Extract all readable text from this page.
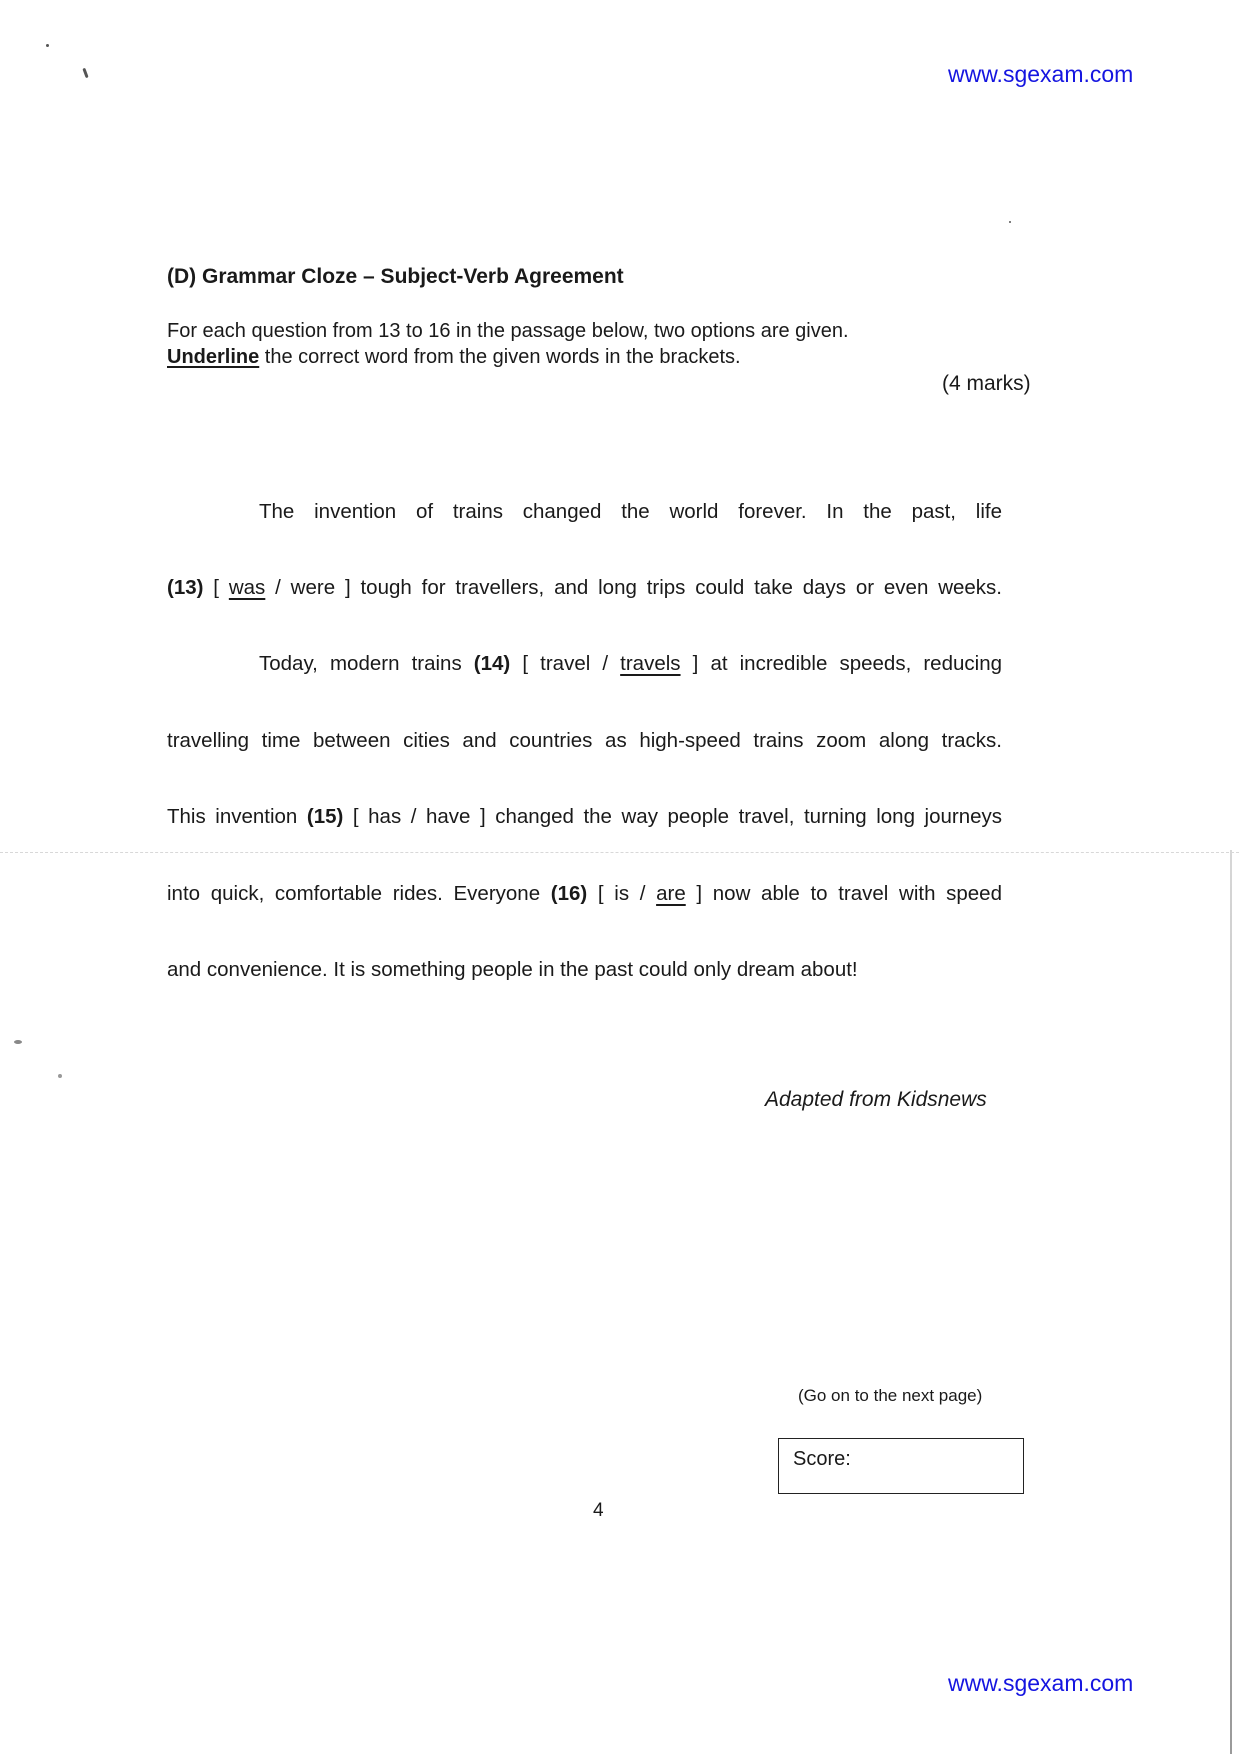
www.sgexam.com
(D) Grammar Cloze – Subject-Verb Agreement
For each question from 13 to 16 in the passage below, two options are given.
Underline the correct word from the given words in the brackets.
(4 marks)
The invention of trains changed the world forever. In the past, life
(13) [ was / were ] tough for travellers, and long trips could take days or even weeks.
Today, modern trains (14) [ travel / travels ] at incredible speeds, reducing
travelling time between cities and countries as high-speed trains zoom along tracks.
This invention (15) [ has / have ] changed the way people travel, turning long journeys
into quick, comfortable rides. Everyone (16) [ is / are ] now able to travel with speed
and convenience. It is something people in the past could only dream about!
Adapted from Kidsnews
(Go on to the next page)
Score:
4
www.sgexam.com
